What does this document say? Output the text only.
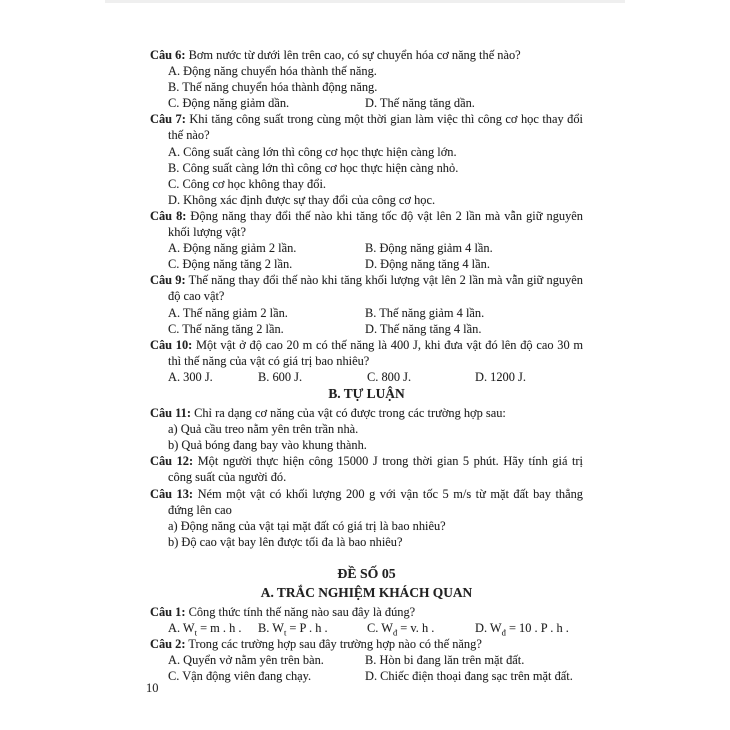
Câu 6: Bơm nước từ dưới lên trên cao, có sự chuyển hóa cơ năng thế nào?

A. Động năng chuyển hóa thành thế năng.

B. Thế năng chuyển hóa thành động năng.

C. Động năng giảm dần.	D. Thế năng tăng dần.

Câu 7: Khi tăng công suất trong cùng một thời gian làm việc thì công cơ học thay đổi thế nào?

A. Công suất càng lớn thì công cơ học thực hiện càng lớn.

B. Công suất càng lớn thì công cơ học thực hiện càng nhỏ.

C. Công cơ học không thay đổi.

D. Không xác định được sự thay đổi của công cơ học.

Câu 8: Động năng thay đổi thế nào khi tăng tốc độ vật lên 2 lần mà vẫn giữ nguyên khối lượng vật?

A. Động năng giảm 2 lần.	B. Động năng giảm 4 lần.
C. Động năng tăng 2 lần.	D. Động năng tăng 4 lần.

Câu 9: Thế năng thay đổi thế nào khi tăng khối lượng vật lên 2 lần mà vẫn giữ nguyên độ cao vật?

A. Thế năng giảm 2 lần.	B. Thế năng giảm 4 lần.
C. Thế năng tăng 2 lần.	D. Thế năng tăng 4 lần.

Câu 10: Một vật ở độ cao 20 m có thế năng là 400 J, khi đưa vật đó lên độ cao 30 m thì thế năng của vật có giá trị bao nhiêu?

A. 300 J.	B. 600 J.	C. 800 J.	D. 1200 J.

B. TỰ LUẬN

Câu 11: Chỉ ra dạng cơ năng của vật có được trong các trường hợp sau:

a) Quả cầu treo nằm yên trên trần nhà.

b) Quả bóng đang bay vào khung thành.

Câu 12: Một người thực hiện công 15000 J trong thời gian 5 phút. Hãy tính giá trị công suất của người đó.

Câu 13: Ném một vật có khối lượng 200 g với vận tốc 5 m/s từ mặt đất bay thẳng đứng lên cao

a) Động năng của vật tại mặt đất có giá trị là bao nhiêu?

b) Độ cao vật bay lên được tối đa là bao nhiêu?

ĐỀ SỐ 05

A. TRẮC NGHIỆM KHÁCH QUAN

Câu 1: Công thức tính thế năng nào sau đây là đúng?

A. $W_t = m$ . h .	B. $W_t = P$ . h .	C. $W_đ = v$. h .	D. $W_đ = 10$ . P . h .

Câu 2: Trong các trường hợp sau đây trường hợp nào có thế năng?

A. Quyển vở nằm yên trên bàn.	B. Hòn bi đang lăn trên mặt đất.
C. Vận động viên đang chạy.	D. Chiếc điện thoại đang sạc trên mặt đất.
10
